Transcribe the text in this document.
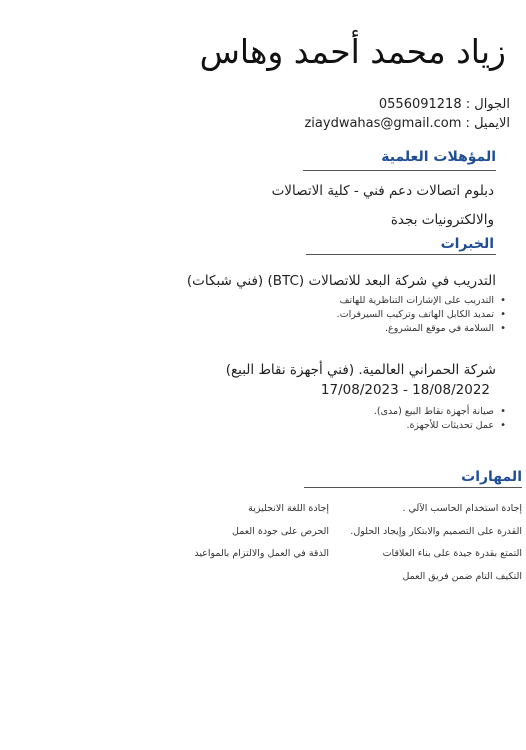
زياد محمد أحمد وهاس
الجوال : 0556091218
الايميل : ziaydwahas@gmail.com
المؤهلات العلمية
دبلوم اتصالات دعم فني - كلية الاتصالات
والالكترونيات بجدة
الخبرات
التدريب في شركة البعد للاتصالات (BTC) (فني شبكات)
• التدريب على الإشارات التناظرية للهاتف
• تمديد الكابل الهاتف وتركيب السيرفرات.
• السلامة في موقع المشروع.
شركة الحمراني العالمية. (فني أجهزة نقاط البيع)
17/08/2023 - 18/08/2022
• صيانة أجهزة نقاط البيع (مدى).
• عمل تحديثات للأجهزة.
المهارات
إجادة استخدام الحاسب الآلي .
القدرة على التصميم والابتكار وإيجاد الحلول.
التمتع بقدرة جيدة على بناء العلاقات
التكيف التام ضمن فريق العمل
إجادة اللغة الانجليزية
الحرص على جودة العمل
الدقة في العمل والالتزام بالمواعيد
